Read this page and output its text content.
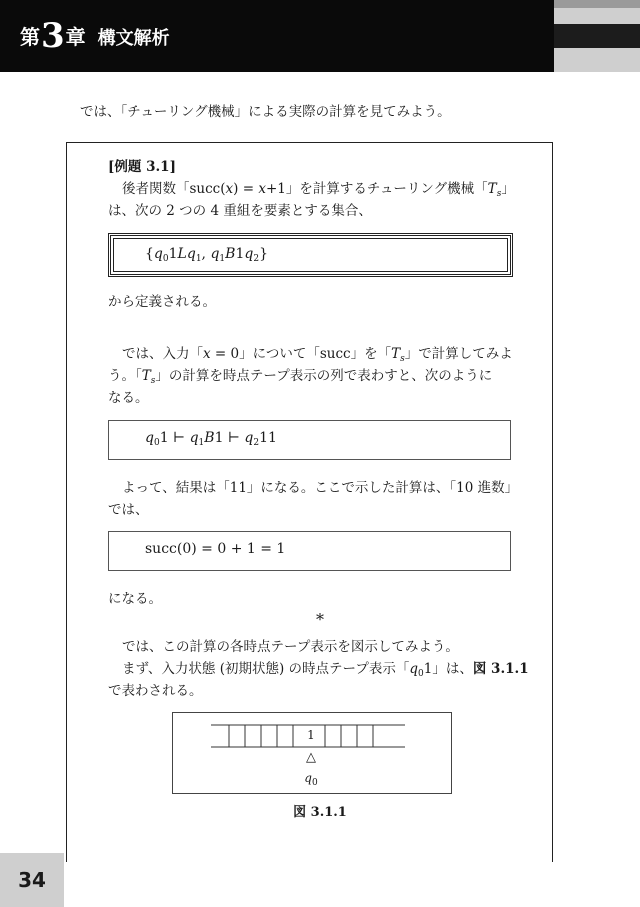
第3章 構文解析
では、「チューリング機械」による実際の計算を見てみよう。
[例題 3.1]
後者関数「succ(x) = x+1」を計算するチューリング機械「$T_s$」
は、次の 2 つの 4 重組を要素とする集合、
{$q_01Lq_1$, $q_1B1q_2$}
から定義される。
では、入力「x = 0」について「succ」を「$T_s$」で計算してみよ
う。「$T_s$」の計算を時点テープ表示の列で表わすと、次のように
なる。
$q_01$ ⊢ $q_1B1$ ⊢ $q_211$
よって、結果は「11」になる。ここで示した計算は、「10 進数」
では、
succ(0) = 0 + 1 = 1
になる。
*
では、この計算の各時点テープ表示を図示してみよう。
まず、入力状態 (初期状態) の時点テープ表示「$q_01$」は、図 3.1.1
で表わされる。
1
△
$q_0$
図 3.1.1
34
